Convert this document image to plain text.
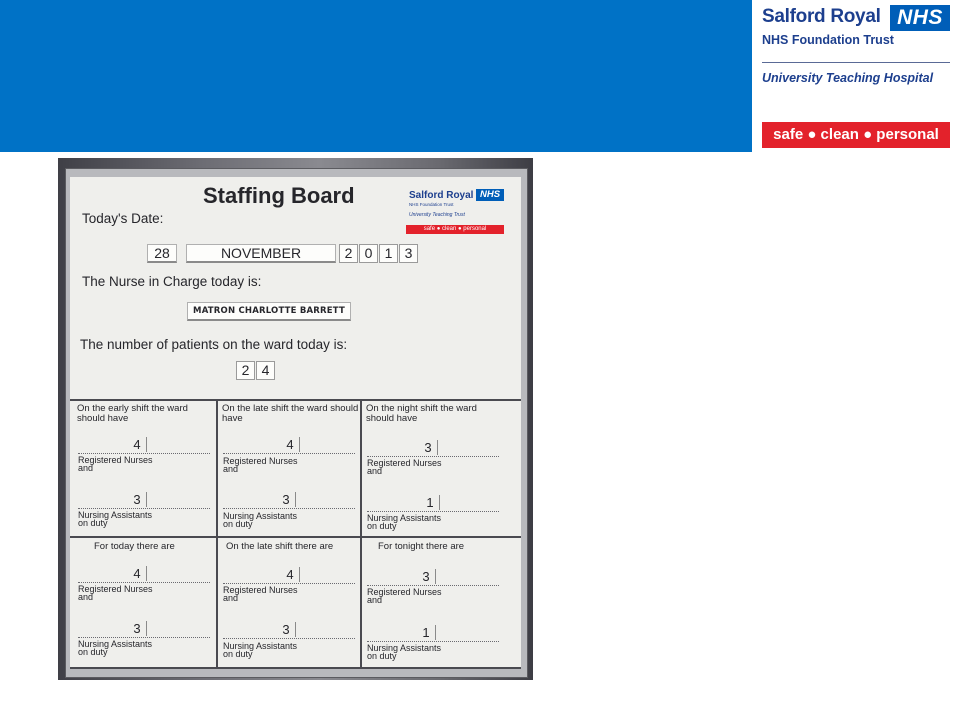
Salford Royal NHS
NHS Foundation Trust
University Teaching Hospital
safe ● clean ● personal
Staffing Board	Salford Royal NHS
NHS Foundation Trust
University Teaching Trust
safe ● clean ● personal
Today's Date:
28	NOVEMBER	2 0 1 3
The Nurse in Charge today is:
MATRON CHARLOTTE BARRETT
The number of patients on the ward today is:
2 4
On the early shift the ward should have
4
Registered Nurses
and
3
Nursing Assistants
on duty
On the late shift the ward should have
4
Registered Nurses
and
3
Nursing Assistants
on duty
On the night shift the ward should have
3
Registered Nurses
and
1
Nursing Assistants
on duty
For today there are
4
Registered Nurses
and
3
Nursing Assistants
on duty
On the late shift there are
4
Registered Nurses
and
3
Nursing Assistants
on duty
For tonight there are
3
Registered Nurses
and
1
Nursing Assistants
on duty
